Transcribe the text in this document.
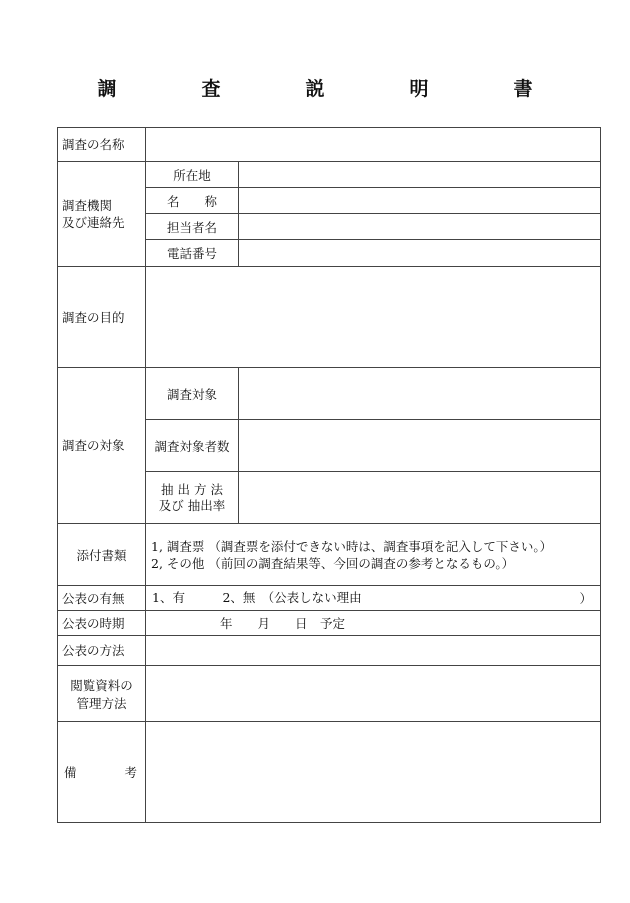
調　査　説　明　書
調査の名称		

調査機関
及び連絡先	所在地	
	名　　称	
	担当者名	
	電話番号	
調査の目的		
調査の対象	調査対象	
	調査対象者数	

	抽 出 方 法
及び 抽出率	

添付書類	1, 調査票 （調査票を添付できない時は、調査事項を記入して下さい。）
2, その他 （前回の調査結果等、今回の調査の参考となるもの。）	

公表の有無	1、有　　　2、無　（公表しない理由 ）	

公表の時期	年　　月　　日　予定	
公表の方法		

閲覧資料の
管理方法		

備 考		
